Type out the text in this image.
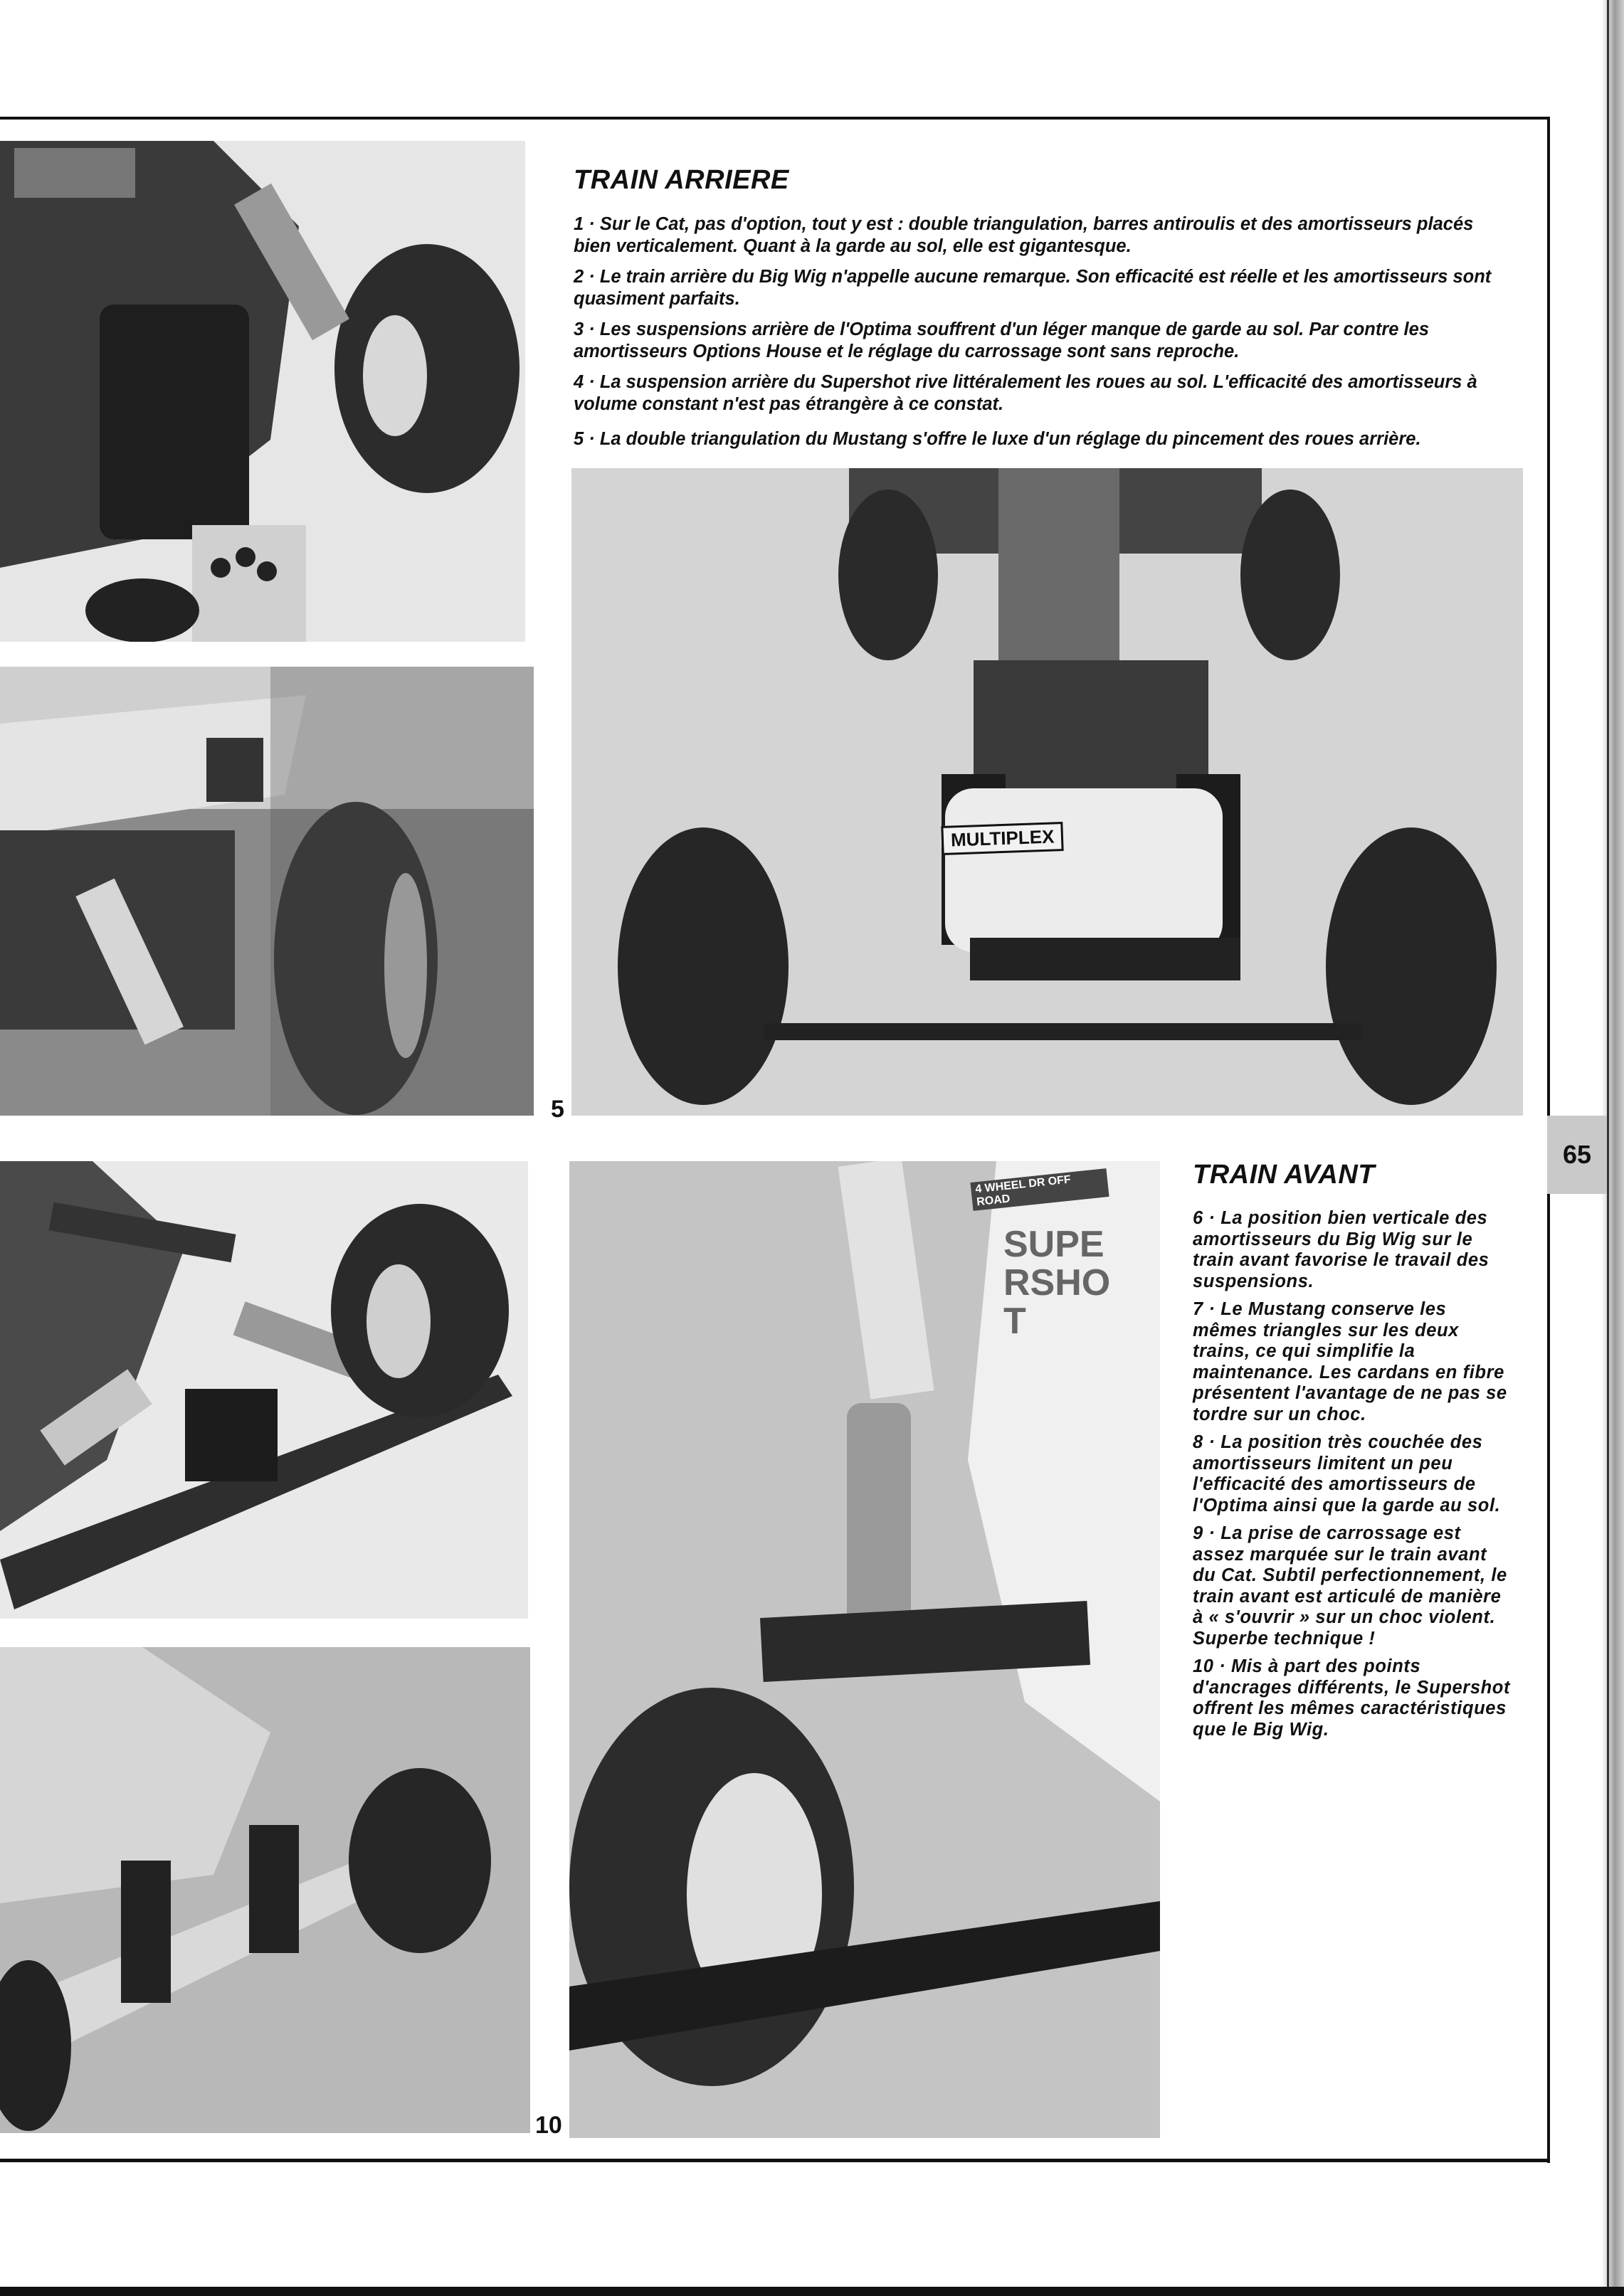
5
MULTIPLEX
10
4 WHEEL DR OFF ROAD
SUPERSHOT
TRAIN ARRIERE

1 · Sur le Cat, pas d'option, tout y est : double triangulation, barres antiroulis et des amortisseurs placés bien verticalement. Quant à la garde au sol, elle est gigantesque.

2 · Le train arrière du Big Wig n'appelle aucune remarque. Son efficacité est réelle et les amortisseurs sont quasiment parfaits.

3 · Les suspensions arrière de l'Optima souffrent d'un léger manque de garde au sol. Par contre les amortisseurs Options House et le réglage du carrossage sont sans reproche.

4 · La suspension arrière du Supershot rive littéralement les roues au sol. L'efficacité des amortisseurs à volume constant n'est pas étrangère à ce constat.

5 · La double triangulation du Mustang s'offre le luxe d'un réglage du pincement des roues arrière.

TRAIN AVANT

6 · La position bien verticale des amortisseurs du Big Wig sur le train avant favorise le travail des suspensions.

7 · Le Mustang conserve les mêmes triangles sur les deux trains, ce qui simplifie la maintenance. Les cardans en fibre présentent l'avantage de ne pas se tordre sur un choc.

8 · La position très couchée des amortisseurs limitent un peu l'efficacité des amortisseurs de l'Optima ainsi que la garde au sol.

9 · La prise de carrossage est assez marquée sur le train avant du Cat. Subtil perfectionnement, le train avant est articulé de manière à « s'ouvrir » sur un choc violent. Superbe technique !

10 · Mis à part des points d'ancrages différents, le Supershot offrent les mêmes caractéristiques que le Big Wig.

65
